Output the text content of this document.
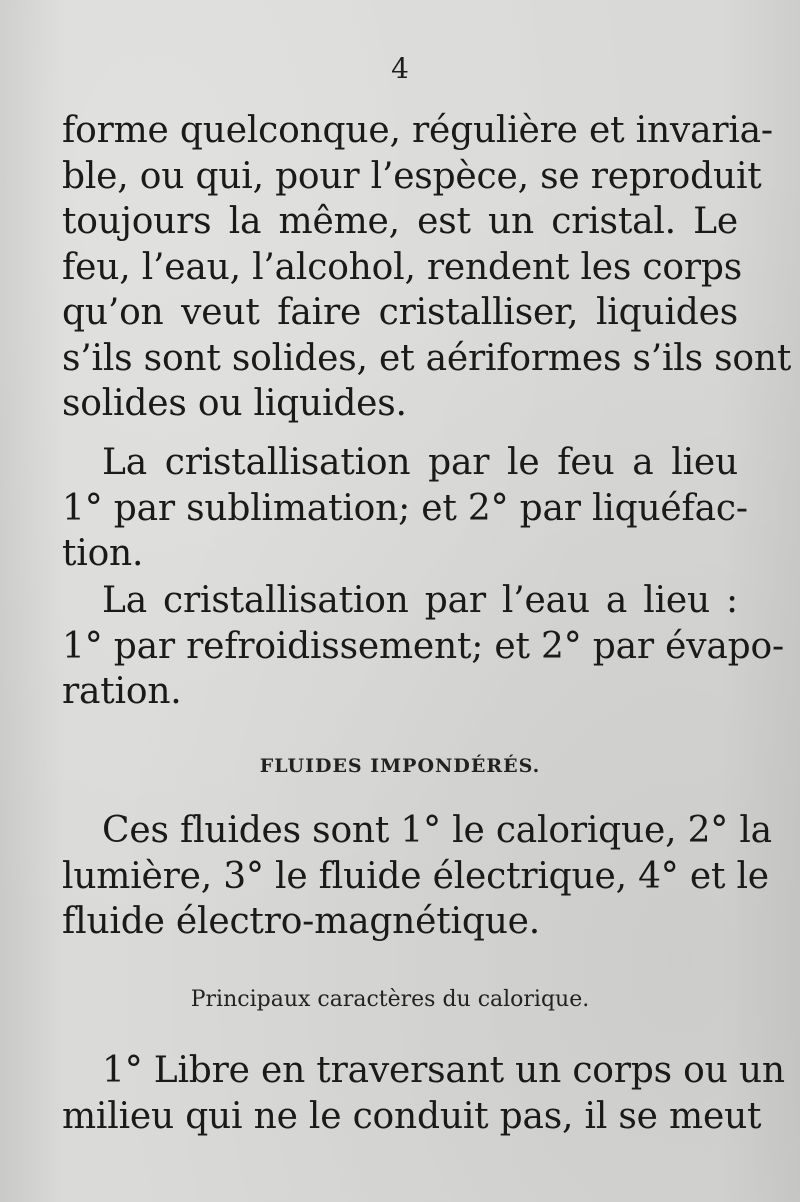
4
forme quelconque, régulière et invaria-
ble, ou qui, pour l’espèce, se reproduit
toujours la même, est un cristal. Le
feu, l’eau, l’alcohol, rendent les corps
qu’on veut faire cristalliser, liquides
s’ils sont solides, et aériformes s’ils sont
solides ou liquides.
La cristallisation par le feu a lieu
1° par sublimation; et 2° par liquéfac-
tion.
La cristallisation par l’eau a lieu :
1° par refroidissement; et 2° par évapo-
ration.
FLUIDES IMPONDÉRÉS.
Ces fluides sont 1° le calorique, 2° la
lumière, 3° le fluide électrique, 4° et le
fluide électro-magnétique.
Principaux caractères du calorique.
1° Libre en traversant un corps ou un
milieu qui ne le conduit pas, il se meut
